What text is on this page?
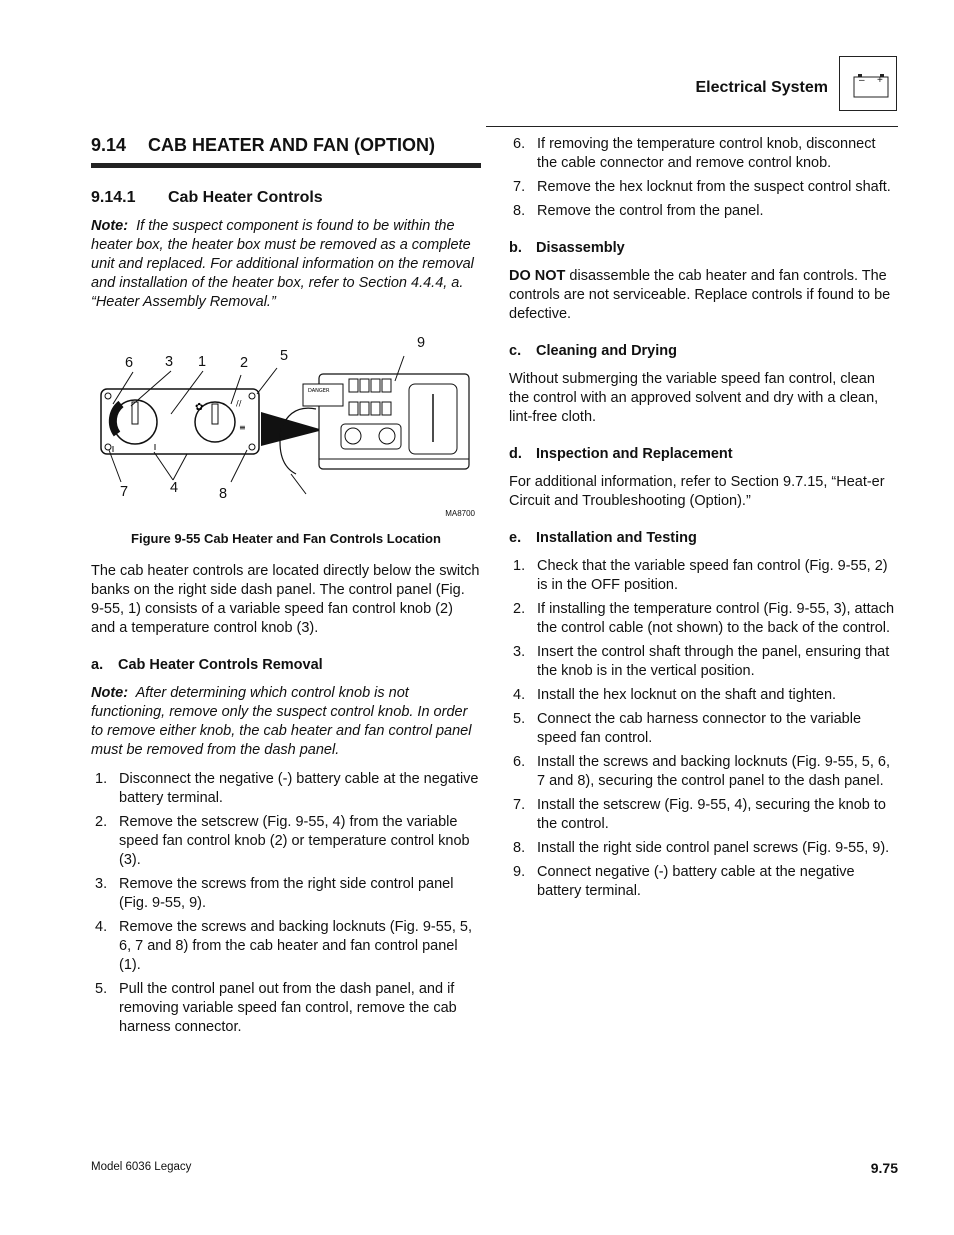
Electrical System	– +
9.14 CAB HEATER AND FAN (OPTION)
9.14.1 Cab Heater Controls

Note: If the suspect component is found to be within the heater box, the heater box must be removed as a complete unit and replaced. For additional information on the removal and installation of the heater box, refer to Section 4.4.4, a. “Heater Assembly Removal.”

✿	//
≡
DANGER
6 3 1 2 5
9
7	4	8
MA8700
Figure 9-55 Cab Heater and Fan Controls Location

The cab heater controls are located directly below the switch banks on the right side dash panel. The control panel (Fig. 9-55, 1) consists of a variable speed fan control knob (2) and a temperature control knob (3).

a. Cab Heater Controls Removal

Note: After determining which control knob is not functioning, remove only the suspect control knob. In order to remove either knob, the cab heater and fan control panel must be removed from the dash panel.

1. Disconnect the negative (-) battery cable at the negative battery terminal.
2. Remove the setscrew (Fig. 9-55, 4) from the variable speed fan control knob (2) or temperature control knob (3).
3. Remove the screws from the right side control panel (Fig. 9-55, 9).
4. Remove the screws and backing locknuts (Fig. 9-55, 5, 6, 7 and 8) from the cab heater and fan control panel (1).
5. Pull the control panel out from the dash panel, and if removing variable speed fan control, remove the cab harness connector.
6. If removing the temperature control knob, disconnect the cable connector and remove control knob.
7. Remove the hex locknut from the suspect control shaft.
8. Remove the control from the panel.
b. Disassembly

DO NOT disassemble the cab heater and fan controls. The controls are not serviceable. Replace controls if found to be defective.

c. Cleaning and Drying

Without submerging the variable speed fan control, clean the control with an approved solvent and dry with a clean, lint-free cloth.

d. Inspection and Replacement

For additional information, refer to Section 9.7.15, “Heat-er Circuit and Troubleshooting (Option).”

e. Installation and Testing
1. Check that the variable speed fan control (Fig. 9-55, 2) is in the OFF position.
2. If installing the temperature control (Fig. 9-55, 3), attach the control cable (not shown) to the back of the control.
3. Insert the control shaft through the panel, ensuring that the knob is in the vertical position.
4. Install the hex locknut on the shaft and tighten.
5. Connect the cab harness connector to the variable speed fan control.
6. Install the screws and backing locknuts (Fig. 9-55, 5, 6, 7 and 8), securing the control panel to the dash panel.
7. Install the setscrew (Fig. 9-55, 4), securing the knob to the control.
8. Install the right side control panel screws (Fig. 9-55, 9).
9. Connect negative (-) battery cable at the negative battery terminal.
Model 6036 Legacy	9.75
